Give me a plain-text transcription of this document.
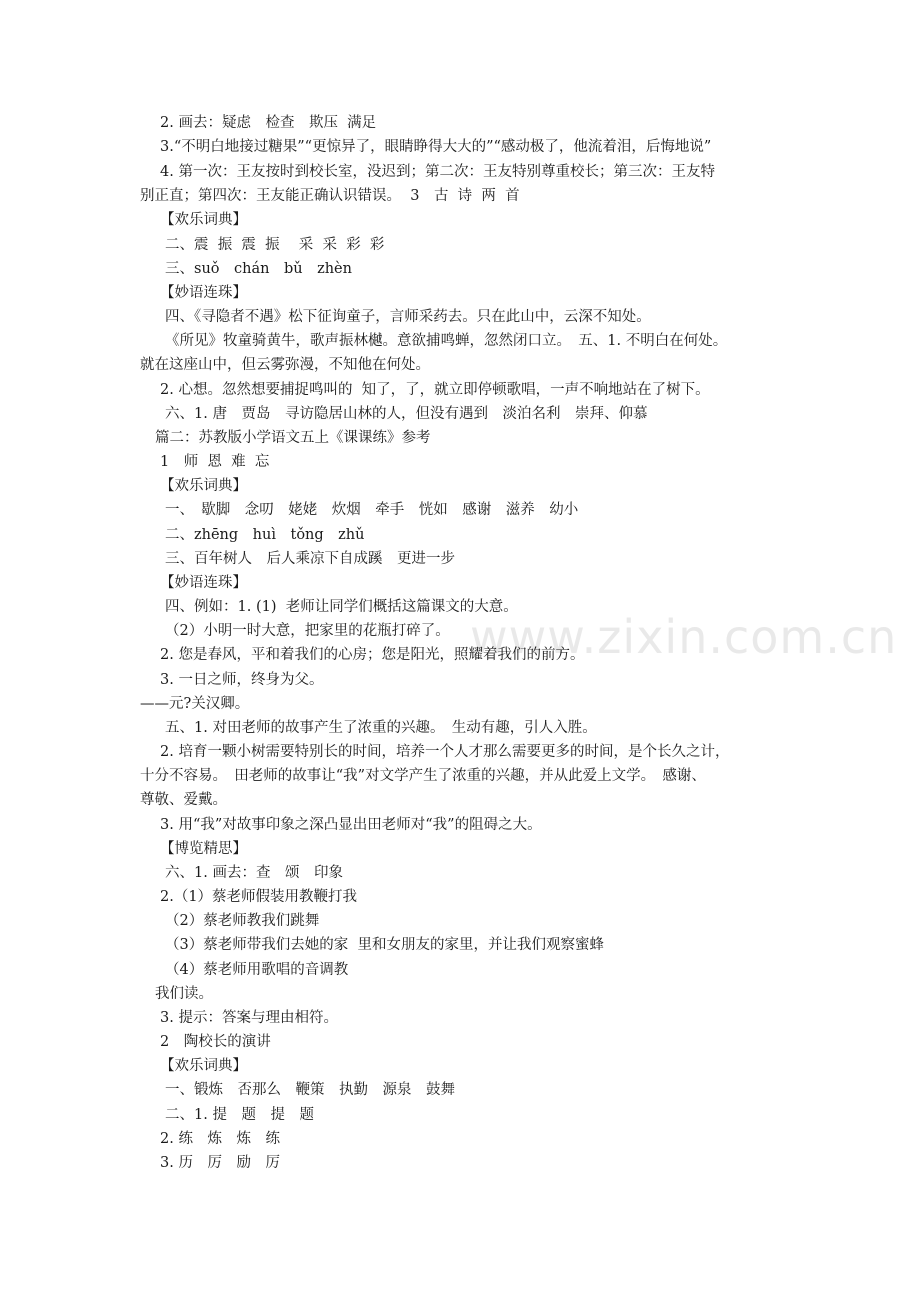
www.zixin.com.cn
2. 画去：疑虑　检查　欺压  满足
3.“不明白地接过糖果”“更惊异了，眼睛睁得大大的”“感动极了，他流着泪，后悔地说”
4. 第一次：王友按时到校长室，没迟到；第二次：王友特别尊重校长；第三次：王友特
别正直；第四次：王友能正确认识错误。  3　古  诗  两  首
【欢乐词典】
二、震  振  震  振　 采  采  彩  彩
三、suǒ　chán　bǔ　zhèn
【妙语连珠】
四、《寻隐者不遇》松下征询童子，言师采药去。只在此山中，云深不知处。
《所见》牧童骑黄牛，歌声振林樾。意欲捕鸣蝉，忽然闭口立。　五、1. 不明白在何处。
就在这座山中，但云雾弥漫，不知他在何处。
2. 心想。忽然想要捕捉鸣叫的  知了，了，就立即停顿歌唱，一声不响地站在了树下。
六、1. 唐　贾岛　寻访隐居山林的人，但没有遇到　淡泊名利　崇拜、仰慕
篇二：苏教版小学语文五上《课课练》参考
1　师  恩  难  忘
【欢乐词典】
一、　歇脚　念叨　姥姥　炊烟　牵手　恍如　感谢　滋养　幼小
二、zhēng　huì　tǒng　zhǔ
三、百年树人　后人乘凉下自成蹊　更进一步
【妙语连珠】
四、例如：1. (1)  老师让同学们概括这篇课文的大意。
（2）小明一时大意，把家里的花瓶打碎了。
2. 您是春风，平和着我们的心房；您是阳光，照耀着我们的前方。
3. 一日之师，终身为父。
——元?关汉卿。
五、1. 对田老师的故事产生了浓重的兴趣。　生动有趣，引人入胜。
2. 培育一颗小树需要特别长的时间，培养一个人才那么需要更多的时间，是个长久之计，
十分不容易。　田老师的故事让“我”对文学产生了浓重的兴趣，并从此爱上文学。　感谢、
尊敬、爱戴。
3. 用“我”对故事印象之深凸显出田老师对“我”的阻碍之大。
【博览精思】
六、1. 画去：查　颂　印象
2.（1）蔡老师假装用教鞭打我
（2）蔡老师教我们跳舞
（3）蔡老师带我们去她的家  里和女朋友的家里，并让我们观察蜜蜂
（4）蔡老师用歌唱的音调教
我们读。
3. 提示：答案与理由相符。
2　陶校长的演讲
【欢乐词典】
一、锻炼　否那么　鞭策　执勤　源泉　鼓舞
二、1. 提　题　提　题
2. 练　炼　炼　练
3. 历　厉　励　厉
